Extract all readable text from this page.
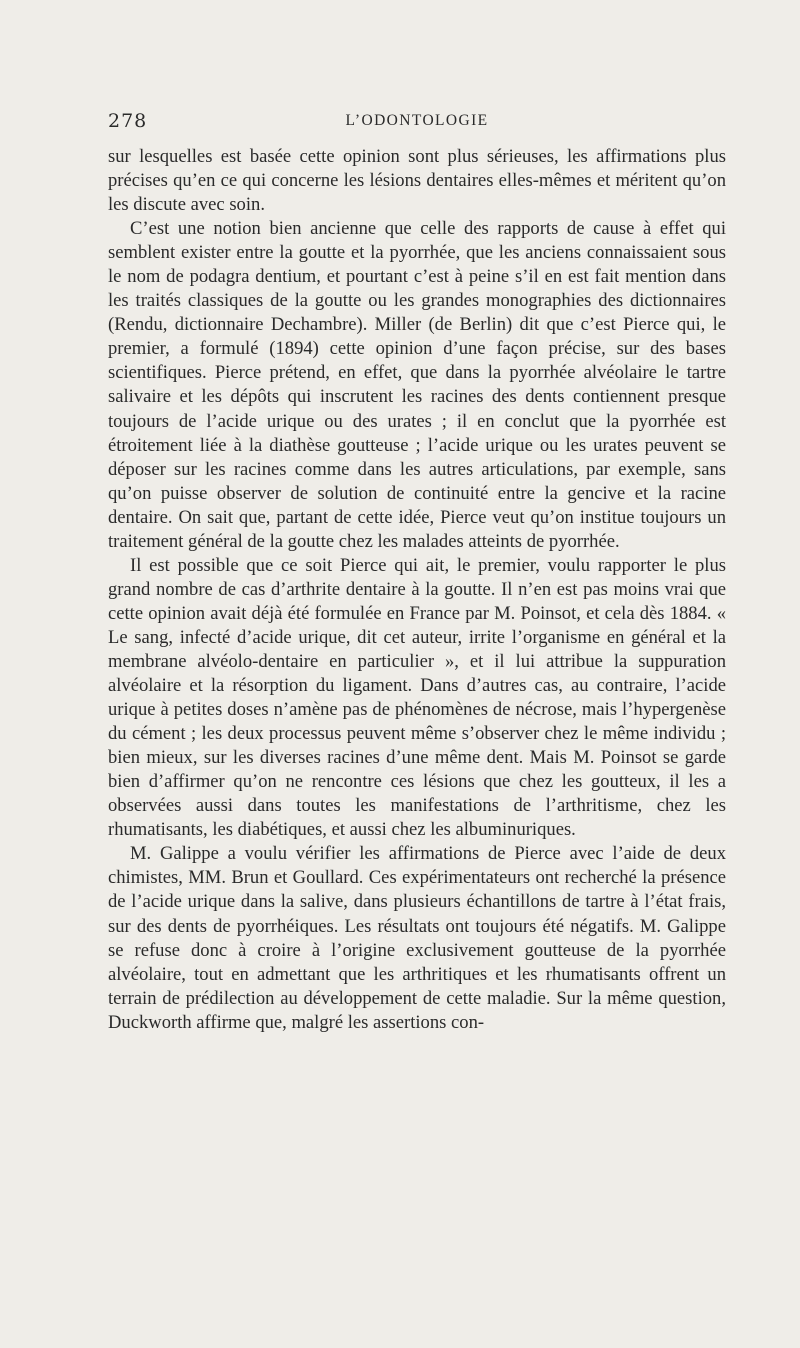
278	L’ODONTOLOGIE

sur lesquelles est basée cette opinion sont plus sérieuses, les affirmations plus précises qu’en ce qui concerne les lésions dentaires elles-mêmes et méritent qu’on les discute avec soin.

C’est une notion bien ancienne que celle des rapports de cause à effet qui semblent exister entre la goutte et la pyorrhée, que les anciens connaissaient sous le nom de podagra dentium, et pourtant c’est à peine s’il en est fait mention dans les traités classiques de la goutte ou les grandes monographies des dictionnaires (Rendu, dictionnaire Dechambre). Miller (de Berlin) dit que c’est Pierce qui, le premier, a formulé (1894) cette opinion d’une façon précise, sur des bases scientifiques. Pierce prétend, en effet, que dans la pyorrhée alvéolaire le tartre salivaire et les dépôts qui inscrutent les racines des dents contiennent presque toujours de l’acide urique ou des urates ; il en conclut que la pyorrhée est étroitement liée à la diathèse goutteuse ; l’acide urique ou les urates peuvent se déposer sur les racines comme dans les autres articulations, par exemple, sans qu’on puisse observer de solution de continuité entre la gencive et la racine dentaire. On sait que, partant de cette idée, Pierce veut qu’on institue toujours un traitement général de la goutte chez les malades atteints de pyorrhée.

Il est possible que ce soit Pierce qui ait, le premier, voulu rapporter le plus grand nombre de cas d’arthrite dentaire à la goutte. Il n’en est pas moins vrai que cette opinion avait déjà été formulée en France par M. Poinsot, et cela dès 1884. « Le sang, infecté d’acide urique, dit cet auteur, irrite l’organisme en général et la membrane alvéolo-dentaire en particulier », et il lui attribue la suppuration alvéolaire et la résorption du ligament. Dans d’autres cas, au contraire, l’acide urique à petites doses n’amène pas de phénomènes de nécrose, mais l’hypergenèse du cément ; les deux processus peuvent même s’observer chez le même individu ; bien mieux, sur les diverses racines d’une même dent. Mais M. Poinsot se garde bien d’affirmer qu’on ne rencontre ces lésions que chez les goutteux, il les a observées aussi dans toutes les manifestations de l’arthritisme, chez les rhumatisants, les diabétiques, et aussi chez les albuminuriques.

M. Galippe a voulu vérifier les affirmations de Pierce avec l’aide de deux chimistes, MM. Brun et Goullard. Ces expérimentateurs ont recherché la présence de l’acide urique dans la salive, dans plusieurs échantillons de tartre à l’état frais, sur des dents de pyorrhéiques. Les résultats ont toujours été négatifs. M. Galippe se refuse donc à croire à l’origine exclusivement goutteuse de la pyorrhée alvéolaire, tout en admettant que les arthritiques et les rhumatisants offrent un terrain de prédilection au développement de cette maladie. Sur la même question, Duckworth affirme que, malgré les assertions con-
